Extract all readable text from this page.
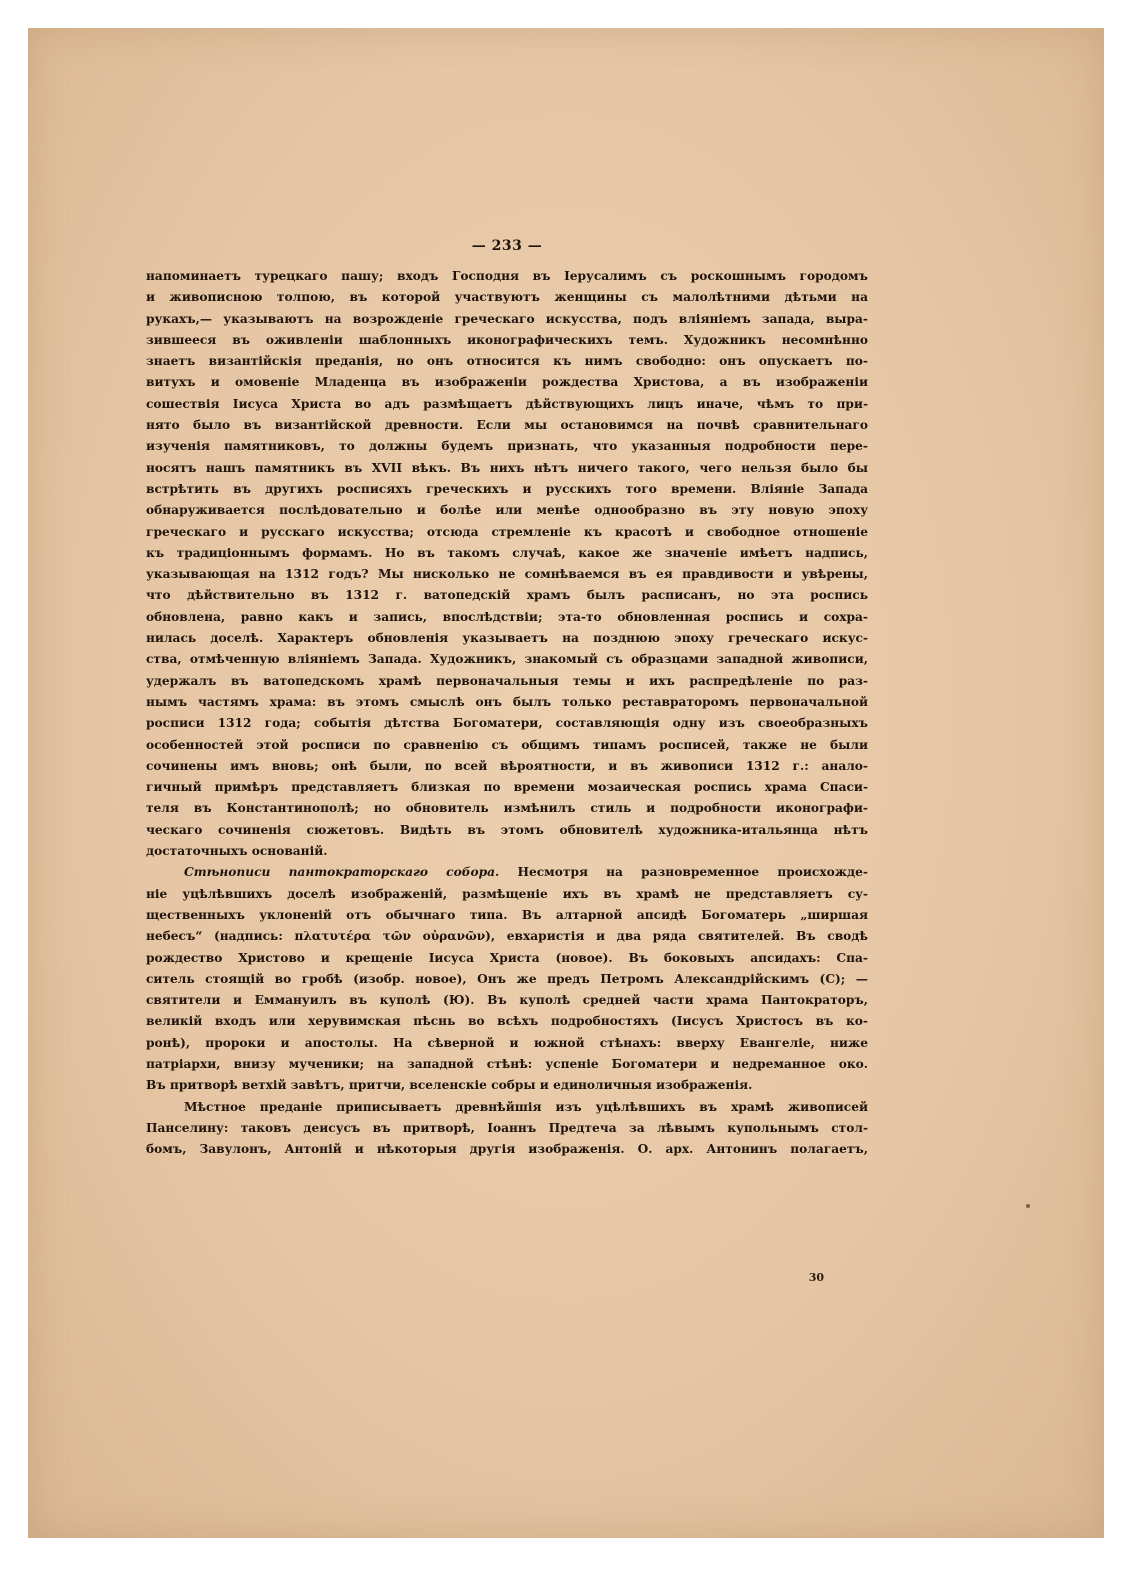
— 233 —
напоминаетъ турецкаго пашу; входъ Господня въ Iерусалимъ съ роскошнымъ городомъ
и живописною толпою, въ которой участвуютъ женщины съ малолѣтними дѣтьми на
рукахъ,— указываютъ на возрожденіе греческаго искусства, подъ вліяніемъ запада, выра-
зившееся въ оживленіи шаблонныхъ иконографическихъ темъ. Художникъ несомнѣнно
знаетъ византійскія преданія, но онъ относится къ нимъ свободно: онъ опускаетъ по-
витухъ и омовеніе Младенца въ изображеніи рождества Христова, а въ изображеніи
сошествія Iисуса Христа во адъ размѣщаетъ дѣйствующихъ лицъ иначе, чѣмъ то при-
нято было въ византійской древности. Если мы остановимся на почвѣ сравнительнаго
изученія памятниковъ, то должны будемъ признать, что указанныя подробности пере-
носятъ нашъ памятникъ въ XVII вѣкъ. Въ нихъ нѣтъ ничего такого, чего нельзя было бы
встрѣтить въ другихъ росписяхъ греческихъ и русскихъ того времени. Вліяніе Запада
обнаруживается послѣдовательно и болѣе или менѣе однообразно въ эту новую эпоху
греческаго и русскаго искусства; отсюда стремленіе къ красотѣ и свободное отношеніе
къ традиціоннымъ формамъ. Но въ такомъ случаѣ, какое же значеніе имѣетъ надпись,
указывающая на 1312 годъ? Мы нисколько не сомнѣваемся въ ея правдивости и увѣрены,
что дѣйствительно въ 1312 г. ватопедскій храмъ былъ расписанъ, но эта роспись
обновлена, равно какъ и запись, впослѣдствіи; эта-то обновленная роспись и сохра-
нилась доселѣ. Характеръ обновленія указываетъ на позднюю эпоху греческаго искус-
ства, отмѣченную вліяніемъ Запада. Художникъ, знакомый съ образцами западной живописи,
удержалъ въ ватопедскомъ храмѣ первоначальныя темы и ихъ распредѣленіе по раз-
нымъ частямъ храма: въ этомъ смыслѣ онъ былъ только реставраторомъ первоначальной
росписи 1312 года; событія дѣтства Богоматери, составляющія одну изъ своеобразныхъ
особенностей этой росписи по сравненію съ общимъ типамъ росписей, также не были
сочинены имъ вновь; онѣ были, по всей вѣроятности, и въ живописи 1312 г.: анало-
гичный примѣръ представляетъ близкая по времени мозаическая роспись храма Спаси-
теля въ Константинополѣ; но обновитель измѣнилъ стиль и подробности иконографи-
ческаго сочиненія сюжетовъ. Видѣть въ этомъ обновителѣ художника-итальянца нѣтъ
достаточныхъ основаній.
Стѣнописи пантократорскаго собора. Несмотря на разновременное происхожде-
ніе уцѣлѣвшихъ доселѣ изображеній, размѣщеніе ихъ въ храмѣ не представляетъ су-
щественныхъ уклоненій отъ обычнаго типа. Въ алтарной апсидѣ Богоматерь „ширшая
небесъ“ (надпись: πλατυτέρα τῶν οὐρανῶν), евхаристія и два ряда святителей. Въ сводѣ
рождество Христово и крещеніе Iисуса Христа (новое). Въ боковыхъ апсидахъ: Спа-
ситель стоящій во гробѣ (изобр. новое), Онъ же предъ Петромъ Александрійскимъ (С); —
святители и Еммануилъ въ куполѣ (Ю). Въ куполѣ средней части храма Пантократоръ,
великій входъ или херувимская пѣснь во всѣхъ подробностяхъ (Iисусъ Христосъ въ ко-
ронѣ), пророки и апостолы. На сѣверной и южной стѣнахъ: вверху Евангеліе, ниже
патріархи, внизу мученики; на западной стѣнѣ: успеніе Богоматери и недреманное око.
Въ притворѣ ветхій завѣтъ, притчи, вселенскіе собры и единоличныя изображенія.
Мѣстное преданіе приписываетъ древнѣйшія изъ уцѣлѣвшихъ въ храмѣ живописей
Панселину: таковъ деисусъ въ притворѣ, Iоаннъ Предтеча за лѣвымъ купольнымъ стол-
бомъ, Завулонъ, Антоній и нѣкоторыя другія изображенія. О. арх. Антонинъ полагаетъ,
30
